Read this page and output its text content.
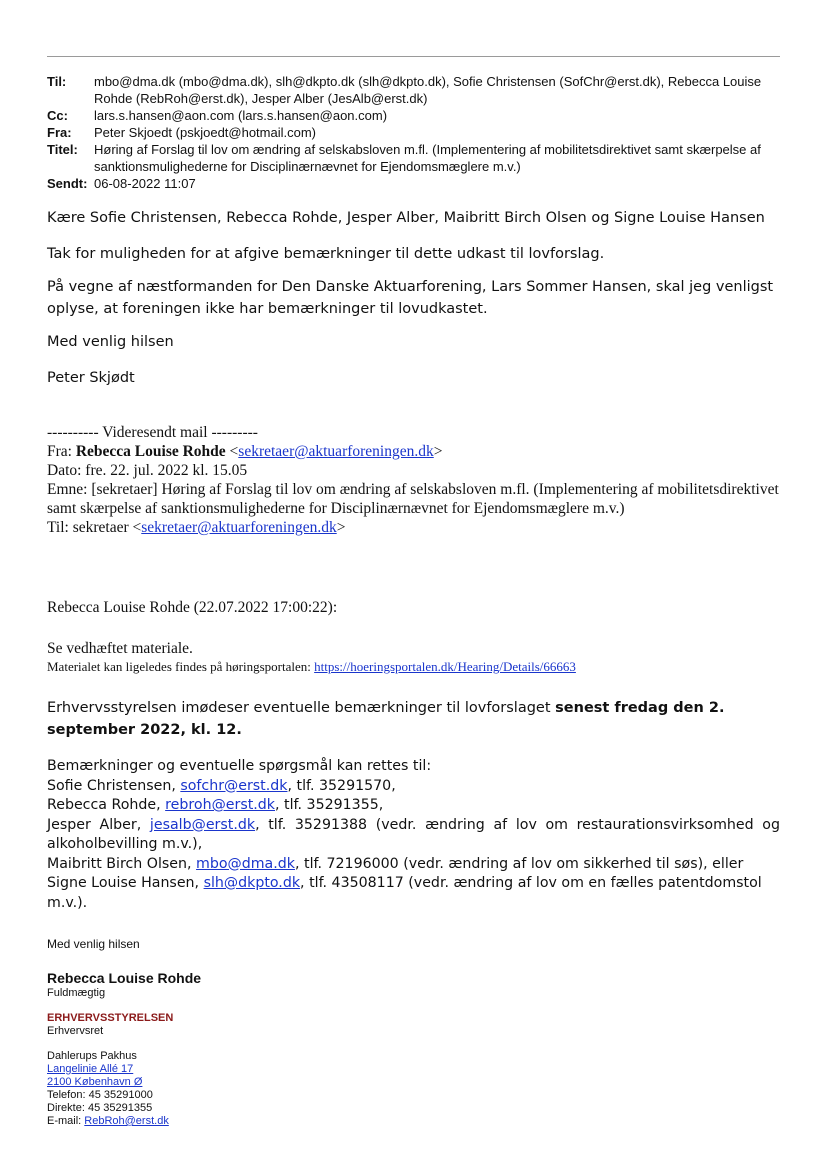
Til:	mbo@dma.dk (mbo@dma.dk), slh@dkpto.dk (slh@dkpto.dk), Sofie Christensen (SofChr@erst.dk), Rebecca Louise Rohde (RebRoh@erst.dk), Jesper Alber (JesAlb@erst.dk)
Cc:	lars.s.hansen@aon.com (lars.s.hansen@aon.com)
Fra:	Peter Skjoedt (pskjoedt@hotmail.com)
Titel:	Høring af Forslag til lov om ændring af selskabsloven m.fl. (Implementering af mobilitetsdirektivet samt skærpelse af sanktionsmulighederne for Disciplinærnævnet for Ejendomsmæglere m.v.)
Sendt: 06-08-2022 11:07
Kære Sofie Christensen, Rebecca Rohde, Jesper Alber, Maibritt Birch Olsen og Signe Louise Hansen
Tak for muligheden for at afgive bemærkninger til dette udkast til lovforslag.
På vegne af næstformanden for Den Danske Aktuarforening, Lars Sommer Hansen, skal jeg venligst oplyse, at foreningen ikke har bemærkninger til lovudkastet.
Med venlig hilsen
Peter Skjødt
---------- Videresendt mail ---------
Fra: Rebecca Louise Rohde <sekretaer@aktuarforeningen.dk>
Dato: fre. 22. jul. 2022 kl. 15.05
Emne: [sekretaer] Høring af Forslag til lov om ændring af selskabsloven m.fl. (Implementering af mobilitetsdirektivet samt skærpelse af sanktionsmulighederne for Disciplinærnævnet for Ejendomsmæglere m.v.)
Til: sekretaer <sekretaer@aktuarforeningen.dk>
Rebecca Louise Rohde (22.07.2022 17:00:22):
Se vedhæftet materiale.
Materialet kan ligeledes findes på høringsportalen: https://hoeringsportalen.dk/Hearing/Details/66663
Erhvervsstyrelsen imødeser eventuelle bemærkninger til lovforslaget senest fredag den 2. september 2022, kl. 12.
Bemærkninger og eventuelle spørgsmål kan rettes til:
Sofie Christensen, sofchr@erst.dk, tlf. 35291570,
Rebecca Rohde, rebroh@erst.dk, tlf. 35291355,
Jesper Alber, jesalb@erst.dk, tlf. 35291388 (vedr. ændring af lov om restaurationsvirksomhed og alkoholbevilling m.v.),
Maibritt Birch Olsen, mbo@dma.dk, tlf. 72196000 (vedr. ændring af lov om sikkerhed til søs), eller
Signe Louise Hansen, slh@dkpto.dk, tlf. 43508117 (vedr. ændring af lov om en fælles patentdomstol m.v.).
Med venlig hilsen
Rebecca Louise Rohde
Fuldmægtig
ERHVERVSSTYRELSEN
Erhvervsret
Dahlerups Pakhus
Langelinie Allé 17
2100 København Ø
Telefon: 45 35291000
Direkte: 45 35291355
E-mail: RebRoh@erst.dk
